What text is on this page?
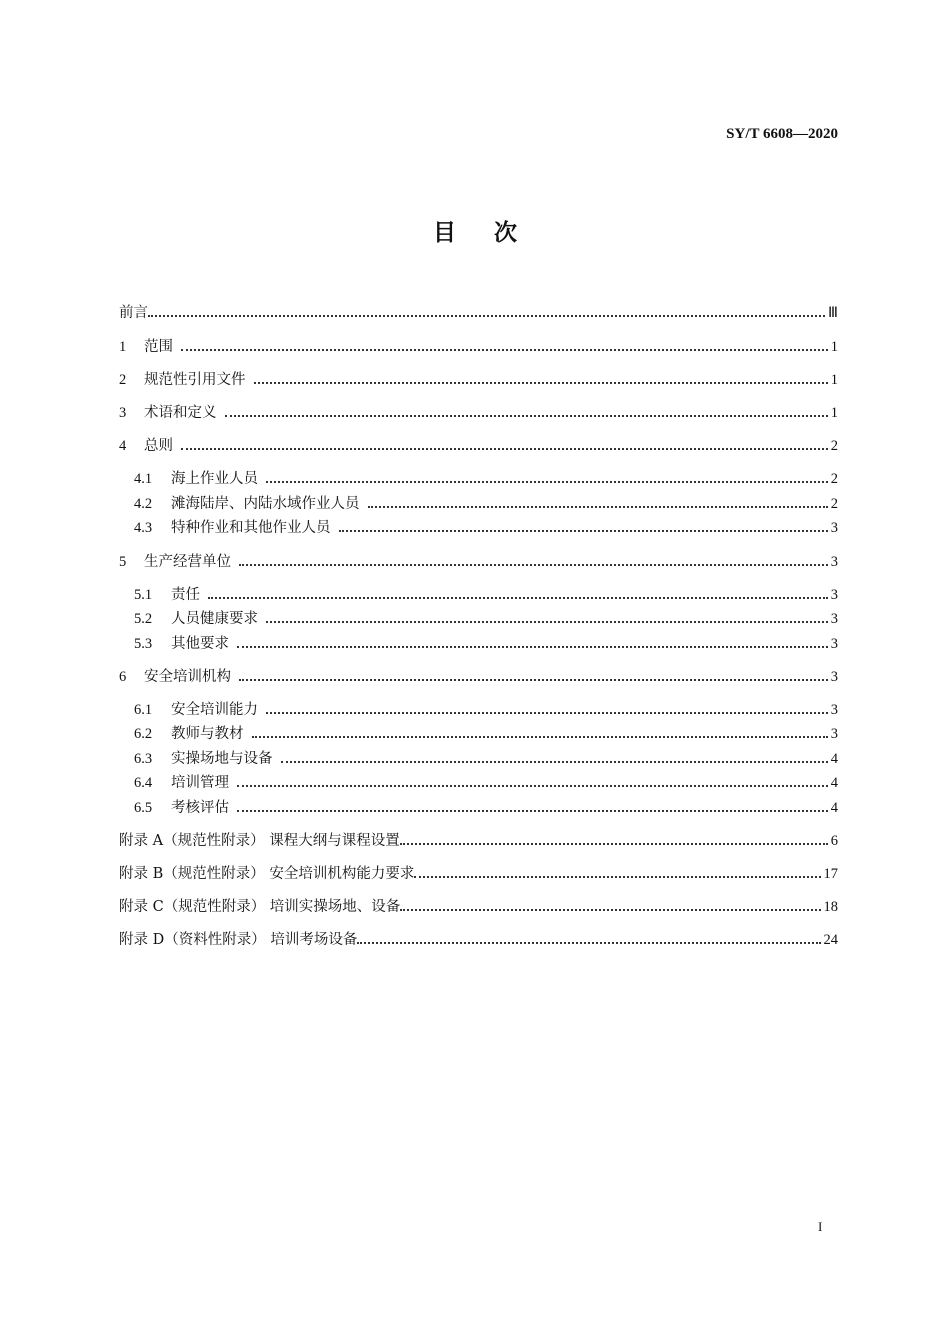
SY/T 6608—2020
目次
前言	Ⅲ
1	范围	1
2	规范性引用文件	1
3	术语和定义	1
4	总则	2
4.1	海上作业人员	2
4.2	滩海陆岸、内陆水域作业人员	2
4.3	特种作业和其他作业人员	3
5	生产经营单位	3
5.1	责任	3
5.2	人员健康要求	3
5.3	其他要求	3
6	安全培训机构	3
6.1	安全培训能力	3
6.2	教师与教材	3
6.3	实操场地与设备	4
6.4	培训管理	4
6.5	考核评估	4
附录 A（规范性附录） 课程大纲与课程设置	6
附录 B（规范性附录） 安全培训机构能力要求	17
附录 C（规范性附录） 培训实操场地、设备	18
附录 D（资料性附录） 培训考场设备	24
I
